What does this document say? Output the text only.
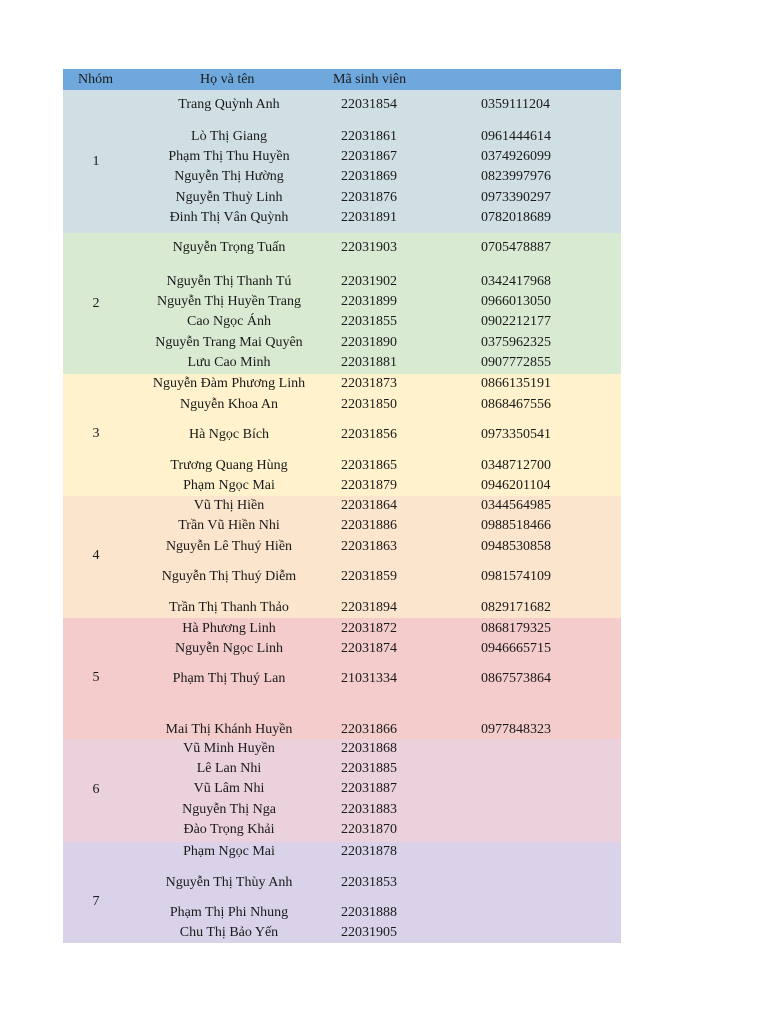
Nhóm	Họ và tên	Mã sinh viên
1
Trang Quỳnh Anh	22031854	0359111204
Lò Thị Giang	22031861	0961444614
Phạm Thị Thu Huyền	22031867	0374926099
Nguyễn Thị Hường	22031869	0823997976
Nguyễn Thuỳ Linh	22031876	0973390297
Đinh Thị Vân Quỳnh	22031891	0782018689
2
Nguyễn Trọng Tuấn	22031903	0705478887
Nguyễn Thị Thanh Tú	22031902	0342417968
Nguyễn Thị Huyền Trang	22031899	0966013050
Cao Ngọc Ánh	22031855	0902212177
Nguyễn Trang Mai Quyên	22031890	0375962325
Lưu Cao Minh	22031881	0907772855
3
Nguyễn Đàm Phương Linh	22031873	0866135191
Nguyễn Khoa An	22031850	0868467556
Hà Ngọc Bích	22031856	0973350541
Trương Quang Hùng	22031865	0348712700
Phạm Ngọc Mai	22031879	0946201104
4
Vũ Thị Hiền	22031864	0344564985
Trần Vũ Hiền Nhi	22031886	0988518466
Nguyễn Lê Thuý Hiền	22031863	0948530858
Nguyễn Thị Thuý Diễm	22031859	0981574109
Trần Thị Thanh Thảo	22031894	0829171682
5
Hà Phương Linh	22031872	0868179325
Nguyễn Ngọc Linh	22031874	0946665715
Phạm Thị Thuý Lan	21031334	0867573864
Mai Thị Khánh Huyền	22031866	0977848323
6
Vũ Minh Huyền	22031868
Lê Lan Nhi	22031885
Vũ Lâm Nhi	22031887
Nguyễn Thị Nga	22031883
Đào Trọng Khải	22031870
7
Phạm Ngọc Mai	22031878
Nguyễn Thị Thùy Anh	22031853
Phạm Thị Phi Nhung	22031888
Chu Thị Bảo Yến	22031905
